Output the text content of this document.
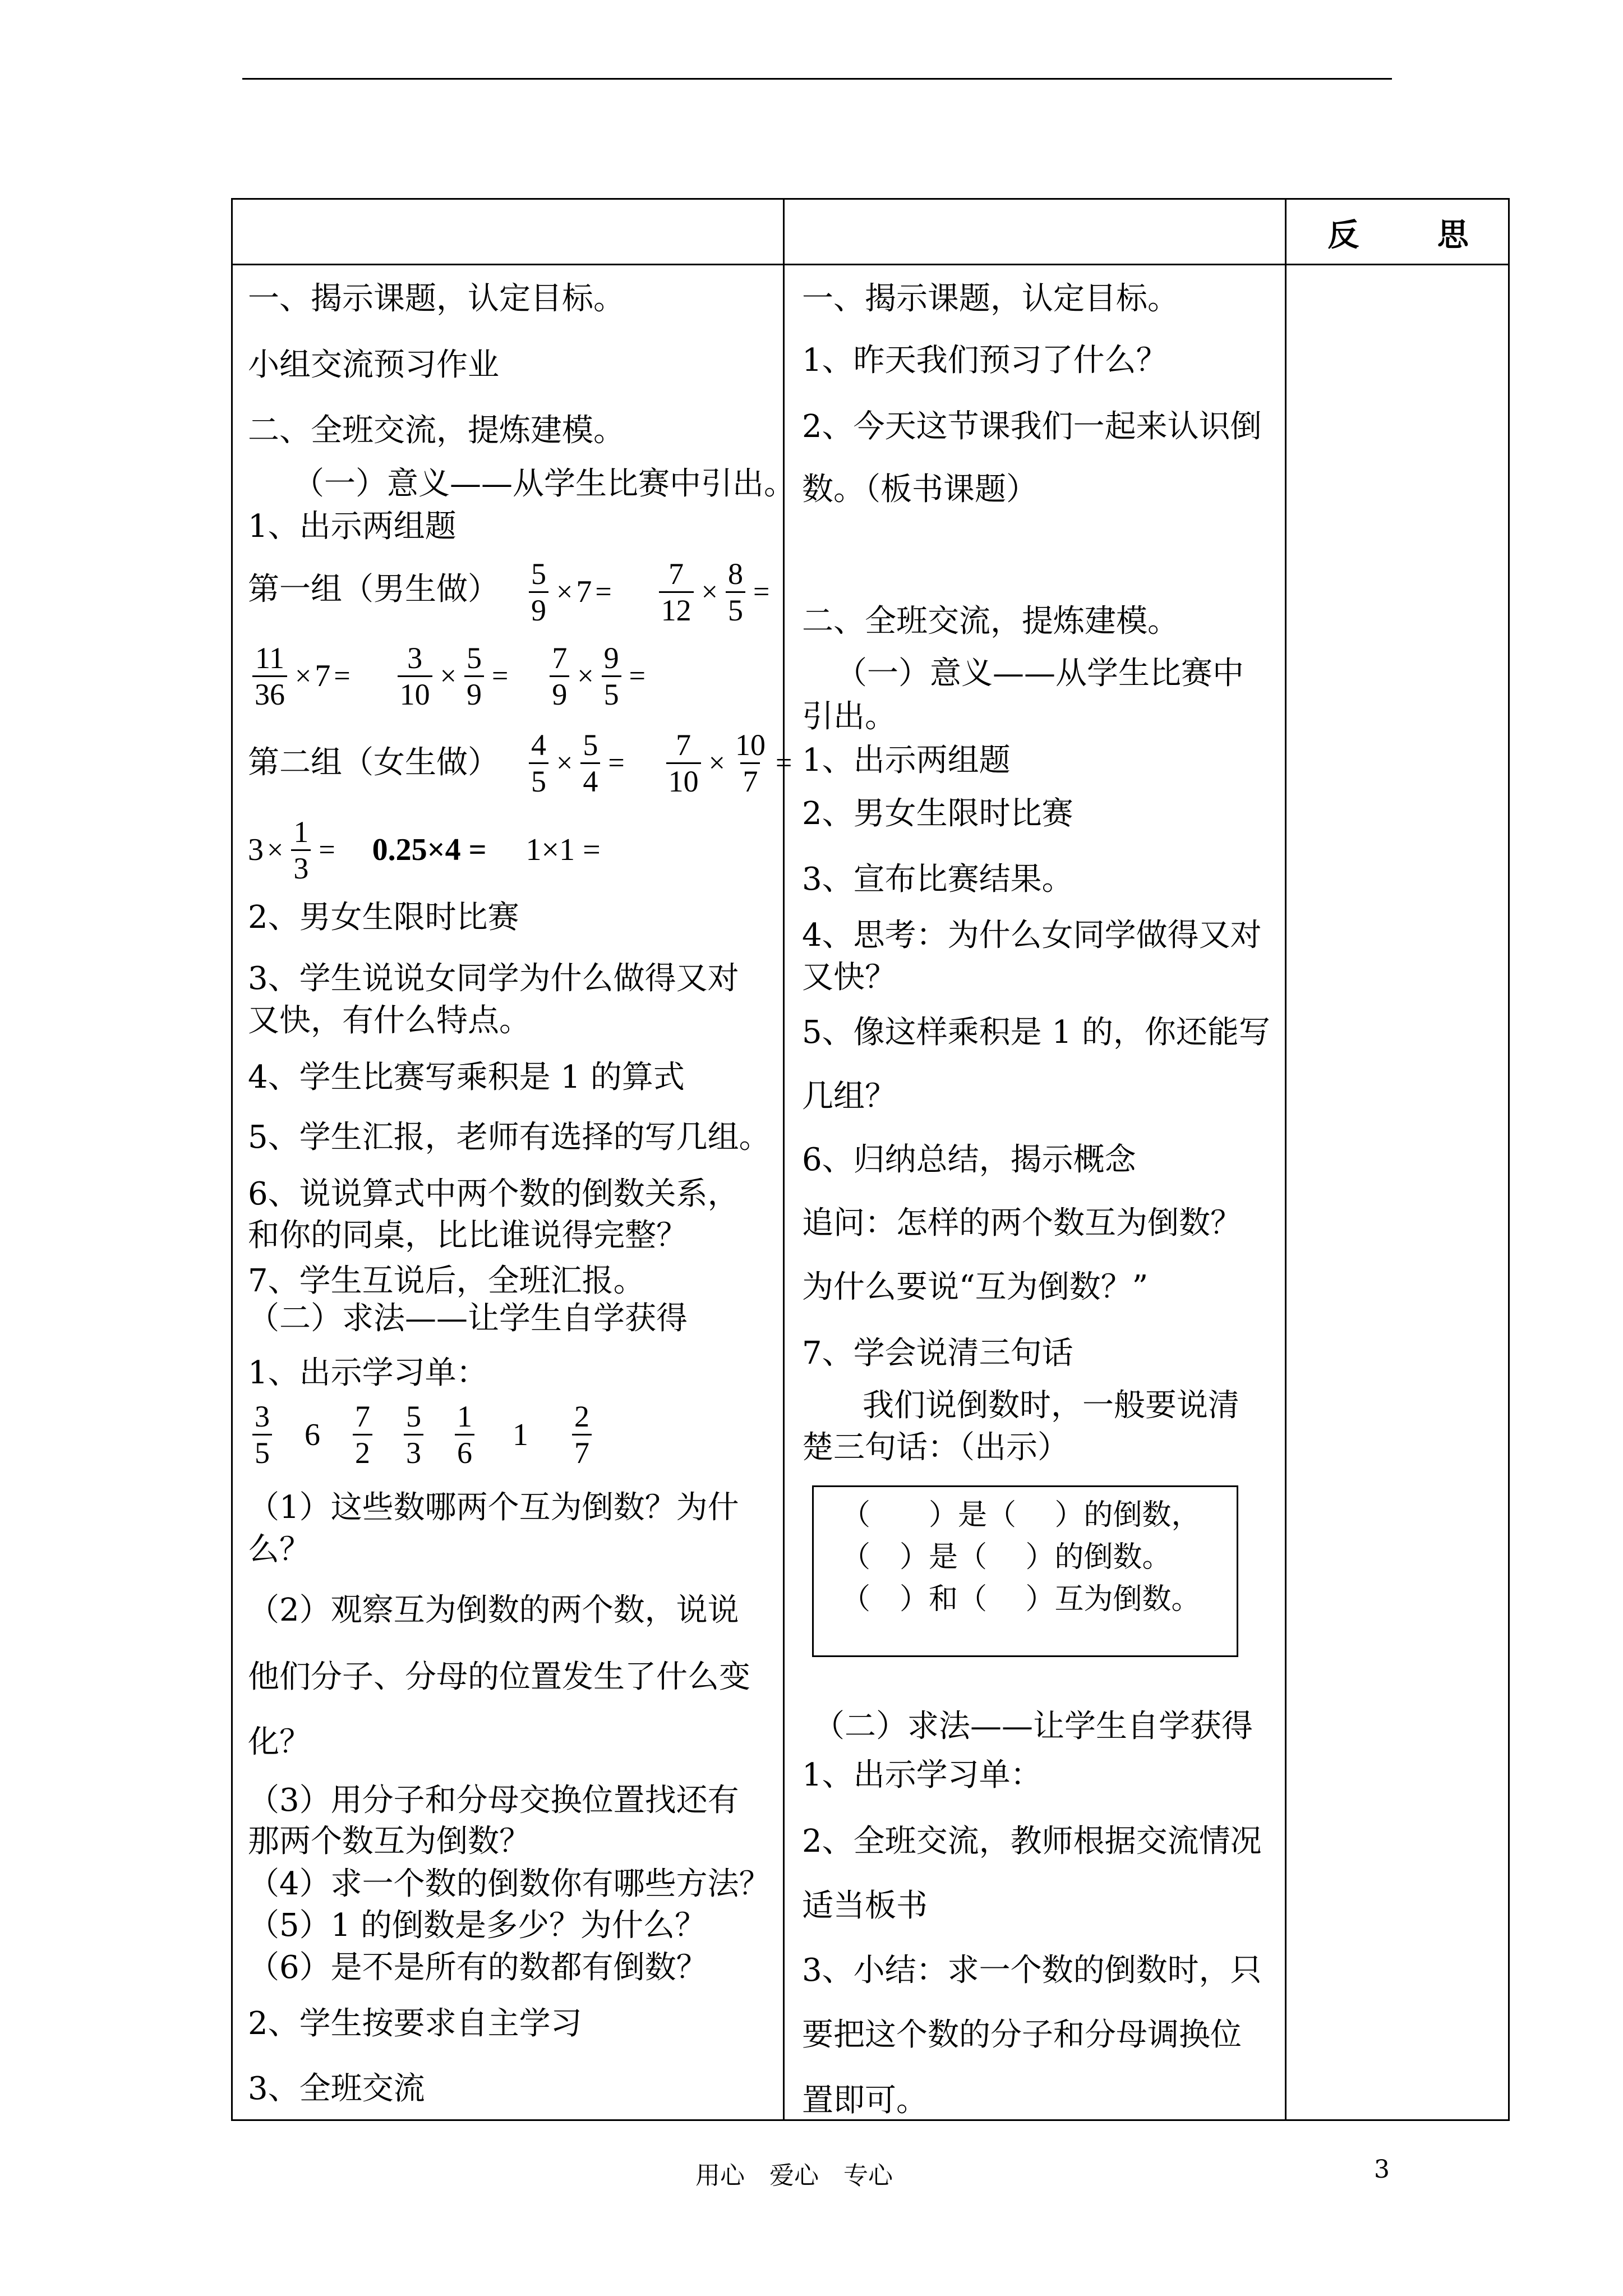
反 思
一、揭示课题，认定目标。
小组交流预习作业
二、全班交流，提炼建模。
（一）意义——从学生比赛中引出。
1、出示两组题
第一组（男生做）
第二组（女生做）
2、男女生限时比赛
3、学生说说女同学为什么做得又对
又快，有什么特点。
4、学生比赛写乘积是 1 的算式
5、学生汇报，老师有选择的写几组。
6、说说算式中两个数的倒数关系，
和你的同桌，比比谁说得完整？
7、学生互说后，全班汇报。
（二）求法——让学生自学获得
1、出示学习单：
（1）这些数哪两个互为倒数？为什
么？
（2）观察互为倒数的两个数，说说
他们分子、分母的位置发生了什么变
化？
（3）用分子和分母交换位置找还有
那两个数互为倒数？
（4）求一个数的倒数你有哪些方法？
（5）1 的倒数是多少？为什么？
（6）是不是所有的数都有倒数？
2、学生按要求自主学习
3、全班交流
$\frac{5}{9} \times 7 = \frac{7}{12} \times \frac{8}{5}$ =
$\frac{11}{36} \times 7 = \frac{3}{10} \times \frac{5}{9} = \frac{7}{9} \times \frac{9}{5}$ =
$\frac{4}{5} \times \frac{5}{4} = \frac{7}{10} \times \frac{10}{7}$ =
$3 \times \frac{1}{3} = 0.25\times 4 = 1\times 1$ =
$\frac{3}{5} 6 \frac{7}{2} \frac{5}{3} \frac{1}{6} 1 \frac{2}{7}$
一、揭示课题，认定目标。
1、昨天我们预习了什么？
2、今天这节课我们一起来认识倒
数。（板书课题）
二、全班交流，提炼建模。
（一）意义——从学生比赛中
引出。
1、出示两组题
2、男女生限时比赛
3、宣布比赛结果。
4、思考：为什么女同学做得又对
又快？
5、像这样乘积是 1 的，你还能写
几组？
6、归纳总结，揭示概念
追问：怎样的两个数互为倒数？
为什么要说“互为倒数？”
7、学会说清三句话
我们说倒数时，一般要说清
楚三句话：（出示）
（二）求法——让学生自学获得
1、出示学习单：
2、全班交流，教师根据交流情况
适当板书
3、小结：求一个数的倒数时，只
要把这个数的分子和分母调换位
置即可。
（　　）是（　 ）的倒数，
（　）是（　 ）的倒数。
（　）和（　 ）互为倒数。
用心　爱心　专心	3
